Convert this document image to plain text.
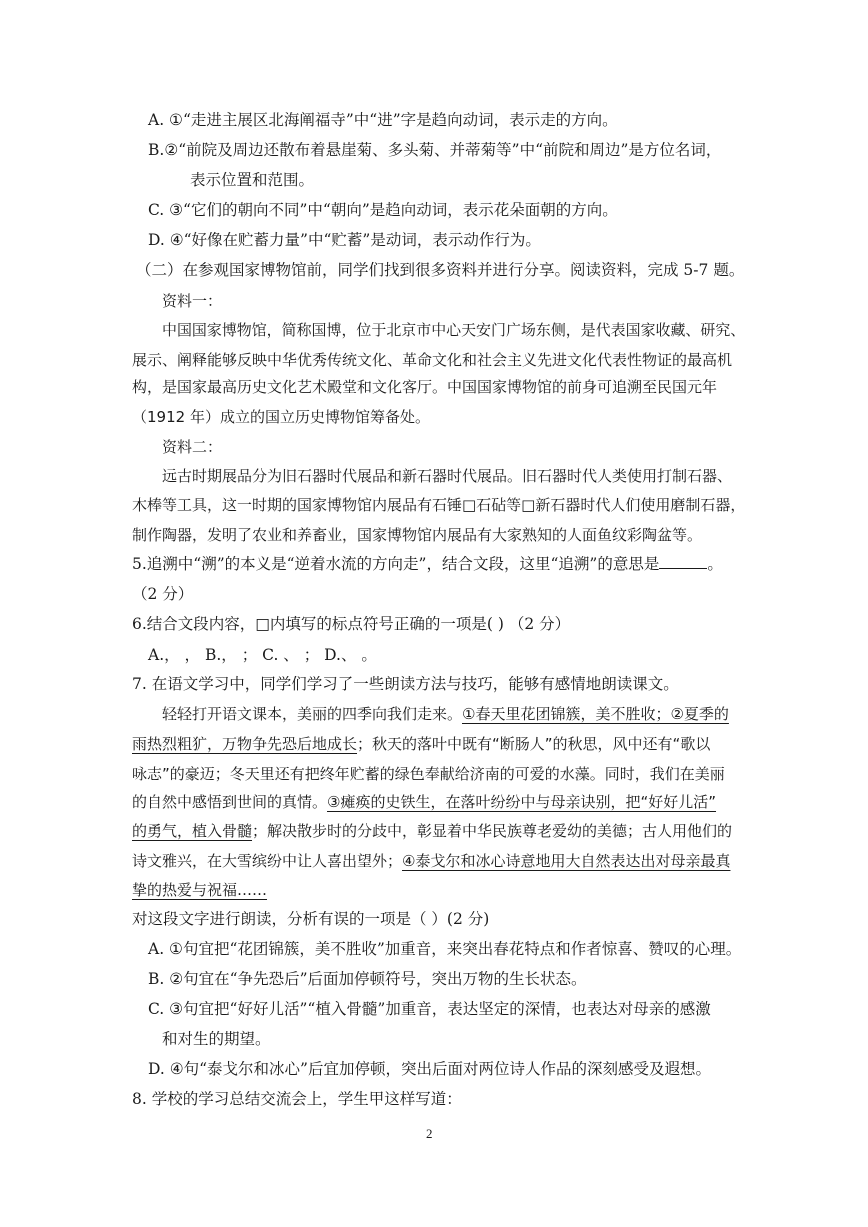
A. ①“走进主展区北海阐福寺”中“进”字是趋向动词，表示走的方向。
B.②“前院及周边还散布着悬崖菊、多头菊、并蒂菊等”中“前院和周边”是方位名词，
表示位置和范围。
C. ③“它们的朝向不同”中“朝向”是趋向动词，表示花朵面朝的方向。
D. ④“好像在贮蓄力量”中“贮蓄”是动词，表示动作行为。
（二）在参观国家博物馆前，同学们找到很多资料并进行分享。阅读资料，完成 5-7 题。
资料一：
中国国家博物馆，简称国博，位于北京市中心天安门广场东侧，是代表国家收藏、研究、
展示、阐释能够反映中华优秀传统文化、革命文化和社会主义先进文化代表性物证的最高机
构，是国家最高历史文化艺术殿堂和文化客厅。中国国家博物馆的前身可追溯至民国元年
（1912 年）成立的国立历史博物馆筹备处。
资料二：
远古时期展品分为旧石器时代展品和新石器时代展品。旧石器时代人类使用打制石器、
木棒等工具，这一时期的国家博物馆内展品有石锤□石砧等□新石器时代人们使用磨制石器，
制作陶器，发明了农业和养畜业，国家博物馆内展品有大家熟知的人面鱼纹彩陶盆等。
5.追溯中“溯”的本义是“逆着水流的方向走”，结合文段，这里“追溯”的意思是	。
（2 分）
6.结合文段内容，□内填写的标点符号正确的一项是( ) （2 分）
A.， ， B.， ； C. 、 ； D.、 。
7. 在语文学习中，同学们学习了一些朗读方法与技巧，能够有感情地朗读课文。
轻轻打开语文课本，美丽的四季向我们走来。①春天里花团锦簇，美不胜收；②夏季的
雨热烈粗犷，万物争先恐后地成长；秋天的落叶中既有“断肠人”的秋思，风中还有“歌以
咏志”的豪迈；冬天里还有把终年贮蓄的绿色奉献给济南的可爱的水藻。同时，我们在美丽
的自然中感悟到世间的真情。③瘫痪的史铁生，在落叶纷纷中与母亲诀别，把“好好儿活”
的勇气，植入骨髓；解决散步时的分歧中，彰显着中华民族尊老爱幼的美德；古人用他们的
诗文雅兴，在大雪缤纷中让人喜出望外；④泰戈尔和冰心诗意地用大自然表达出对母亲最真
挚的热爱与祝福……
对这段文字进行朗读，分析有误的一项是（ ）(2 分)
A. ①句宜把“花团锦簇，美不胜收”加重音，来突出春花特点和作者惊喜、赞叹的心理。
B. ②句宜在“争先恐后”后面加停顿符号，突出万物的生长状态。
C. ③句宜把“好好儿活”“植入骨髓”加重音，表达坚定的深情，也表达对母亲的感激
和对生的期望。
D. ④句“泰戈尔和冰心”后宜加停顿，突出后面对两位诗人作品的深刻感受及遐想。
8. 学校的学习总结交流会上，学生甲这样写道：
2
